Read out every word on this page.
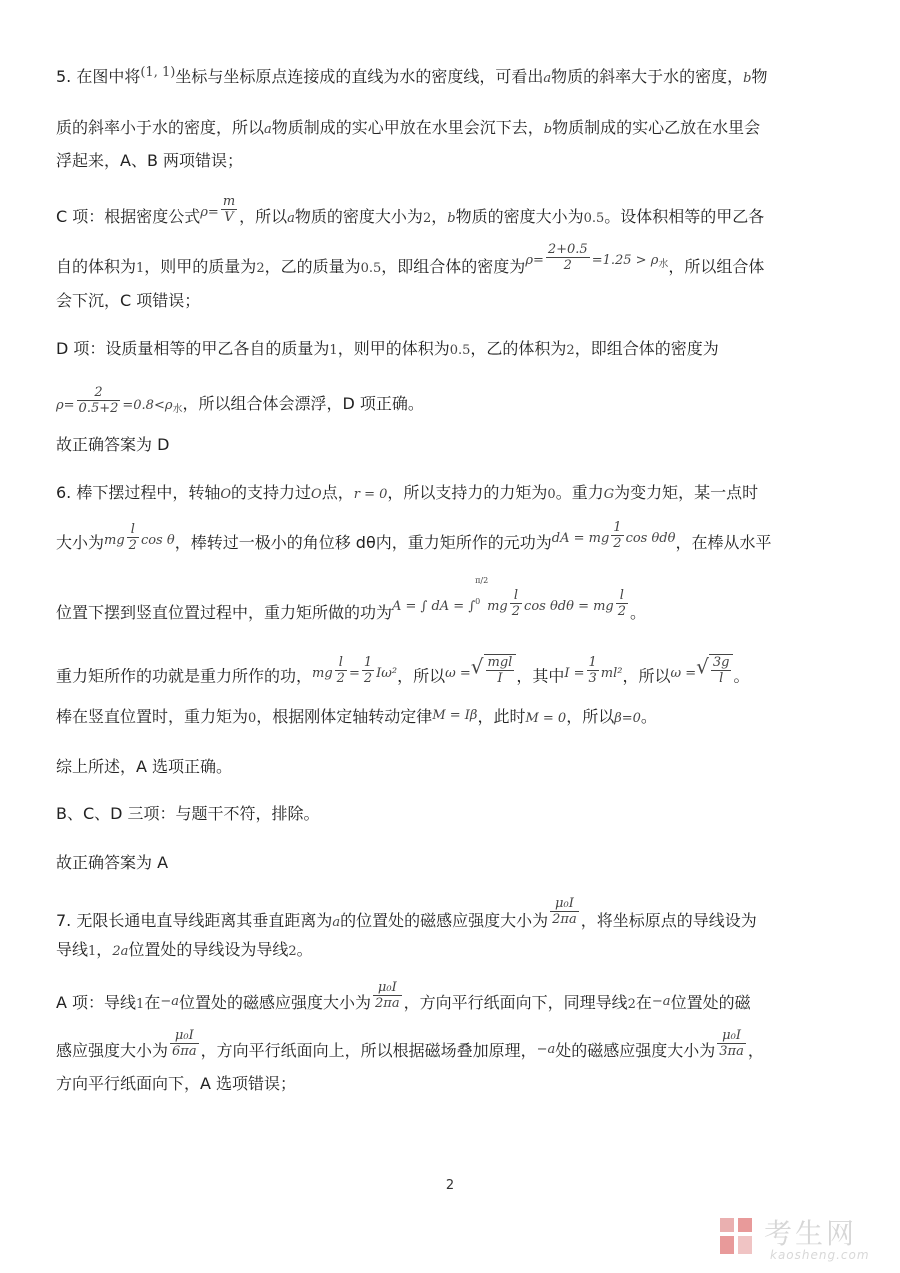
5. 在图中将$^{(1, 1)}$坐标与坐标原点连接成的直线为水的密度线，可看出a物质的斜率大于水的密度，b物
质的斜率小于水的密度，所以a物质制成的实心甲放在水里会沉下去，b物质制成的实心乙放在水里会
浮起来，A、B 两项错误；
C 项：根据密度公式$^{\rho=} \frac{m}{V}$ ，所以a物质的密度大小为2，b物质的密度大小为0.5。设体积相等的甲乙各
自的体积为1，则甲的质量为2，乙的质量为0.5，即组合体的密度为$^{\rho=} \frac{2+0.5}{2} ^{=1.25 > \rho 水}$，所以组合体
会下沉，C 项错误；
D 项：设质量相等的甲乙各自的质量为1，则甲的体积为0.5，乙的体积为2，即组合体的密度为
$\rho= \frac{2}{0.5+2} =0.8<\rho$水，所以组合体会漂浮，D 项正确。
故正确答案为 D
6. 棒下摆过程中，转轴O的支持力过O点，r = 0，所以支持力的力矩为0。重力G为变力矩，某一点时
大小为$^{mg} \frac{l}{2} ^{cos \theta}$，棒转过一极小的角位移 dθ内，重力矩所作的元功为$^{dA = mg} \frac{1}{2} ^{cos \theta d\theta}$，在棒从水平
位置下摆到竖直位置过程中，重力矩所做的功为$^{A = \int dA = \int}$
π/2
0 $^{mg} \frac{l}{2} ^{cos \theta d\theta = mg} \frac{l}{2}$ 。
重力矩所作的功就是重力所作的功，$^{mg} \frac{l}{2} ^= \frac{1}{2} ^{I\omega^2}$，所以$^{\omega =}√ \frac{\text{mgl}}{I}$ ，其中$^{I =} \frac{1}{3} ^{ml^2}$，所以$^{\omega =}√ \frac{3g}{l}$ 。
棒在竖直位置时，重力矩为0，根据刚体定轴转动定律M = Iβ，此时M = 0，所以β=0。
综上所述，A 选项正确。
B、C、D 三项：与题干不符，排除。
故正确答案为 A
7. 无限长通电直导线距离其垂直距离为a的位置处的磁感应强度大小为 $\frac{\text{μ₀I}}{2\pi a}$ ，将坐标原点的导线设为
导线1，2a位置处的导线设为导线2。
A 项：导线1在−a位置处的磁感应强度大小为 $\frac{\text{μ₀I}}{2\pi a}$ ，方向平行纸面向下，同理导线2在−a位置处的磁
感应强度大小为 $\frac{\text{μ₀I}}{6\pi a}$ ，方向平行纸面向上，所以根据磁场叠加原理，−a处的磁感应强度大小为 $\frac{\text{μ₀I}}{3\pi a}$ ，
方向平行纸面向下，A 选项错误；
2
考生网
kaosheng.com
